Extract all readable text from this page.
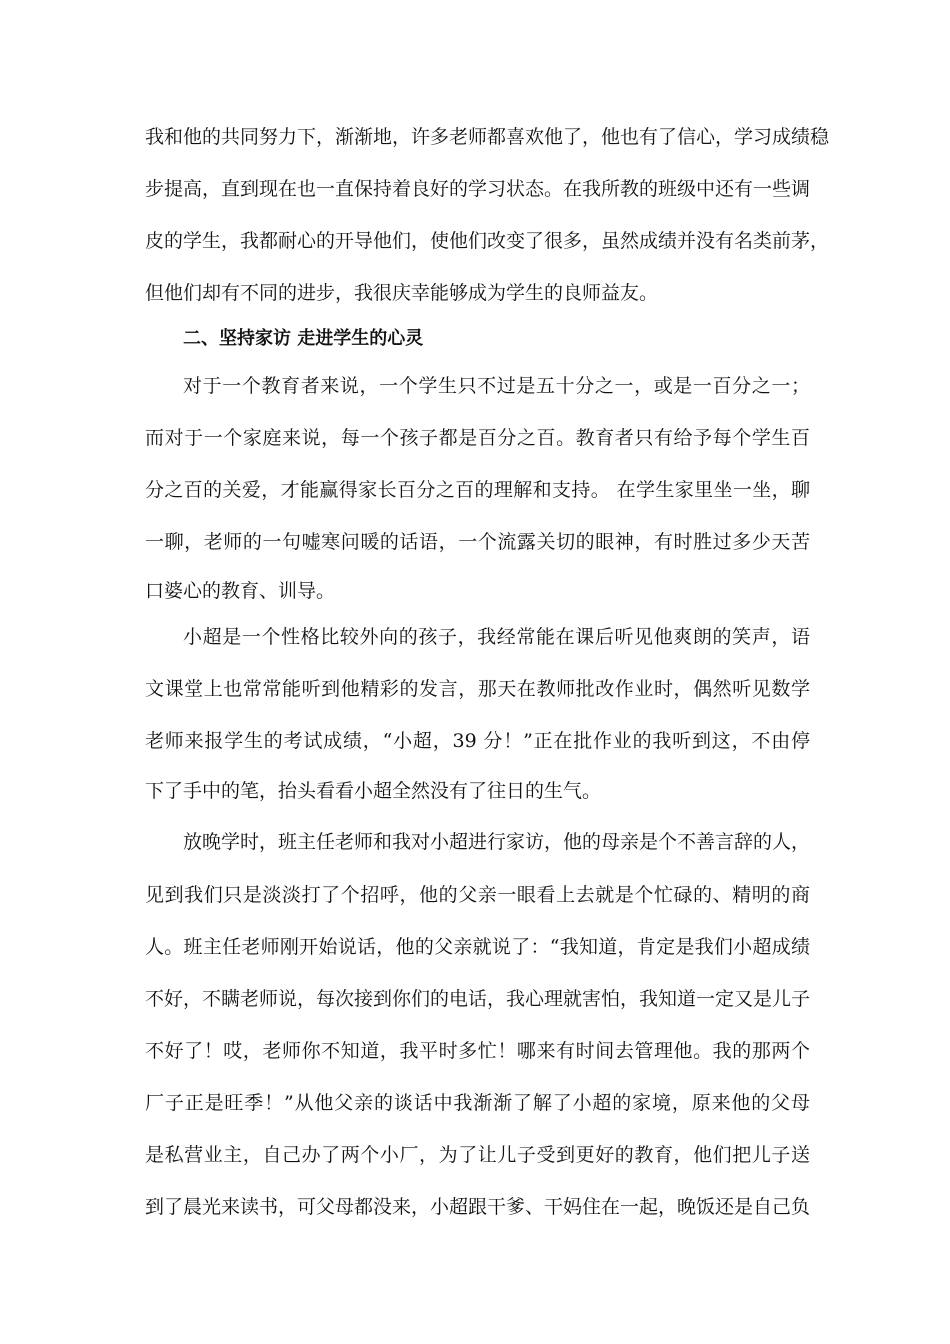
我和他的共同努力下，渐渐地，许多老师都喜欢他了，他也有了信心，学习成绩稳
步提高，直到现在也一直保持着良好的学习状态。在我所教的班级中还有一些调
皮的学生，我都耐心的开导他们，使他们改变了很多，虽然成绩并没有名类前茅，
但他们却有不同的进步，我很庆幸能够成为学生的良师益友。
二、坚持家访 走进学生的心灵
对于一个教育者来说，一个学生只不过是五十分之一，或是一百分之一；
而对于一个家庭来说，每一个孩子都是百分之百。教育者只有给予每个学生百
分之百的关爱，才能赢得家长百分之百的理解和支持。 在学生家里坐一坐，聊
一聊，老师的一句嘘寒问暖的话语，一个流露关切的眼神，有时胜过多少天苦
口婆心的教育、训导。
小超是一个性格比较外向的孩子，我经常能在课后听见他爽朗的笑声，语
文课堂上也常常能听到他精彩的发言，那天在教师批改作业时，偶然听见数学
老师来报学生的考试成绩，“小超，39 分！”正在批作业的我听到这，不由停
下了手中的笔，抬头看看小超全然没有了往日的生气。
放晚学时，班主任老师和我对小超进行家访，他的母亲是个不善言辞的人，
见到我们只是淡淡打了个招呼，他的父亲一眼看上去就是个忙碌的、精明的商
人。班主任老师刚开始说话，他的父亲就说了：“我知道，肯定是我们小超成绩
不好，不瞒老师说，每次接到你们的电话，我心理就害怕，我知道一定又是儿子
不好了！哎，老师你不知道，我平时多忙！哪来有时间去管理他。我的那两个
厂子正是旺季！”从他父亲的谈话中我渐渐了解了小超的家境，原来他的父母
是私营业主，自己办了两个小厂，为了让儿子受到更好的教育，他们把儿子送
到了晨光来读书，可父母都没来，小超跟干爹、干妈住在一起，晚饭还是自己负
